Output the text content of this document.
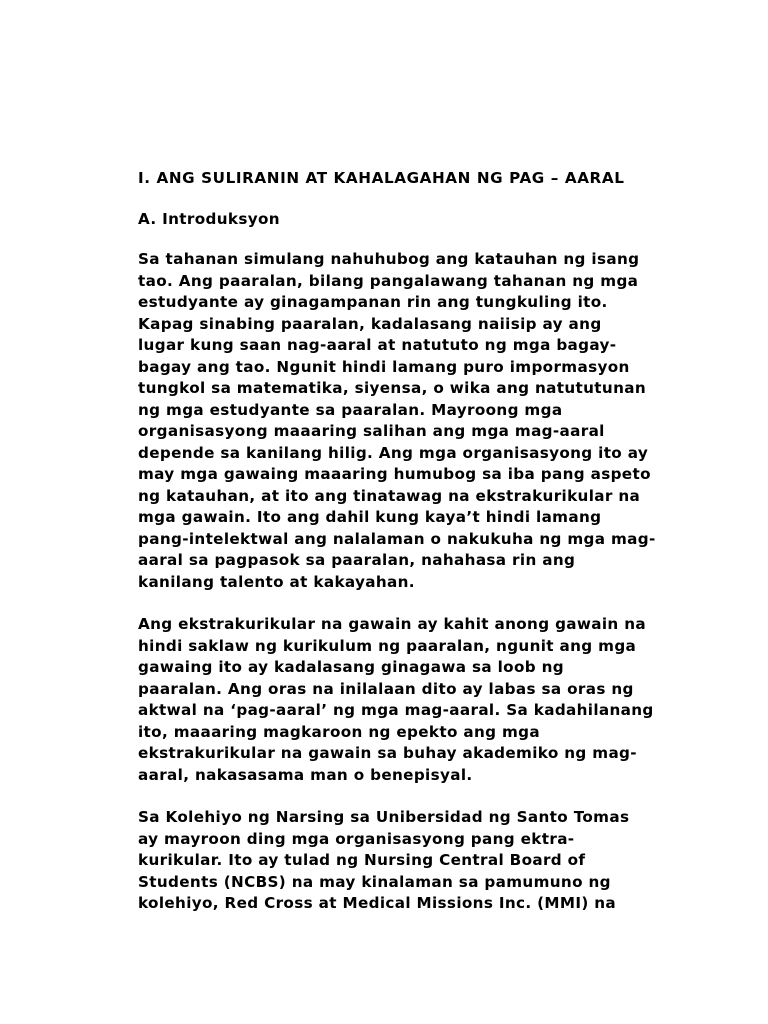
I. ANG SULIRANIN AT KAHALAGAHAN NG PAG – AARAL
A. Introduksyon
Sa tahanan simulang nahuhubog ang katauhan ng isang
tao. Ang paaralan, bilang pangalawang tahanan ng mga
estudyante ay ginagampanan rin ang tungkuling ito.
Kapag sinabing paaralan, kadalasang naiisip ay ang
lugar kung saan nag-aaral at natututo ng mga bagay-
bagay ang tao. Ngunit hindi lamang puro impormasyon
tungkol sa matematika, siyensa, o wika ang natututunan
ng mga estudyante sa paaralan. Mayroong mga
organisasyong maaaring salihan ang mga mag-aaral
depende sa kanilang hilig. Ang mga organisasyong ito ay
may mga gawaing maaaring humubog sa iba pang aspeto
ng katauhan, at ito ang tinatawag na ekstrakurikular na
mga gawain. Ito ang dahil kung kaya’t hindi lamang
pang-intelektwal ang nalalaman o nakukuha ng mga mag-
aaral sa pagpasok sa paaralan, nahahasa rin ang
kanilang talento at kakayahan.
Ang ekstrakurikular na gawain ay kahit anong gawain na
hindi saklaw ng kurikulum ng paaralan, ngunit ang mga
gawaing ito ay kadalasang ginagawa sa loob ng
paaralan. Ang oras na inilalaan dito ay labas sa oras ng
aktwal na ‘pag-aaral’ ng mga mag-aaral. Sa kadahilanang
ito, maaaring magkaroon ng epekto ang mga
ekstrakurikular na gawain sa buhay akademiko ng mag-
aaral, nakasasama man o benepisyal.
Sa Kolehiyo ng Narsing sa Unibersidad ng Santo Tomas
ay mayroon ding mga organisasyong pang ektra-
kurikular. Ito ay tulad ng Nursing Central Board of
Students (NCBS) na may kinalaman sa pamumuno ng
kolehiyo, Red Cross at Medical Missions Inc. (MMI) na
